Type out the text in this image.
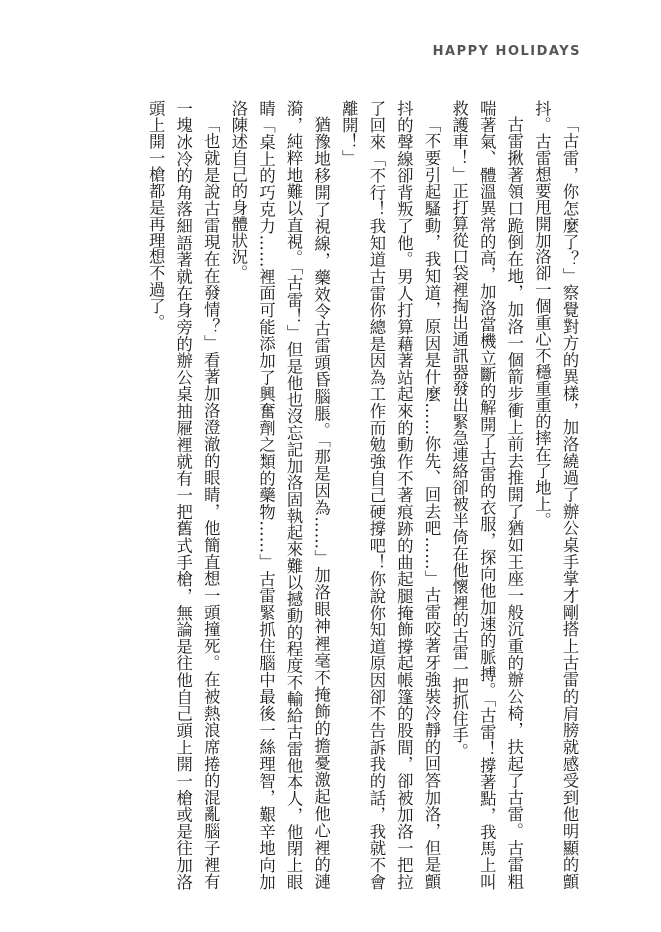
HAPPY HOLIDAYS

「古雷，你怎麼了？」察覺對方的異樣，加洛繞過了辦公桌手掌才剛搭上古雷的肩膀就感受到他明顯的顫抖。古雷想要甩開加洛卻一個重心不穩重重的摔在了地上。

古雷揪著領口跪倒在地，加洛一個箭步衝上前去推開了猶如王座一般沉重的辦公椅，扶起了古雷。古雷粗喘著氣、體溫異常的高，加洛當機立斷的解開了古雷的衣服，探向他加速的脈搏。「古雷！撐著點，我馬上叫救護車！」正打算從口袋裡掏出通訊器發出緊急連絡卻被半倚在他懷裡的古雷一把抓住手。

「不要引起騷動，我知道，原因是什麼……你先、回去吧……」古雷咬著牙強裝冷靜的回答加洛，但是顫抖的聲線卻背叛了他。男人打算藉著站起來的動作不著痕跡的曲起腿掩飾撐起帳篷的股間，卻被加洛一把拉了回來「不行！我知道古雷你總是因為工作而勉強自己硬撐吧！你說你知道原因卻不告訴我的話，我就不會離開！」

猶豫地移開了視線，藥效令古雷頭昏腦脹。「那是因為……」加洛眼神裡毫不掩飾的擔憂激起他心裡的漣漪，純粹地難以直視。「古雷！」但是他也沒忘記加洛固執起來難以撼動的程度不輸給古雷他本人，他閉上眼睛「桌上的巧克力……裡面可能添加了興奮劑之類的藥物……」古雷緊抓住腦中最後一絲理智，艱辛地向加洛陳述自己的身體狀況。

「也就是說古雷現在在發情？」看著加洛澄澈的眼睛，他簡直想一頭撞死。在被熱浪席捲的混亂腦子裡有一塊冰冷的角落細語著就在身旁的辦公桌抽屜裡就有一把舊式手槍，無論是往他自己頭上開一槍或是往加洛頭上開一槍都是再理想不過了。
